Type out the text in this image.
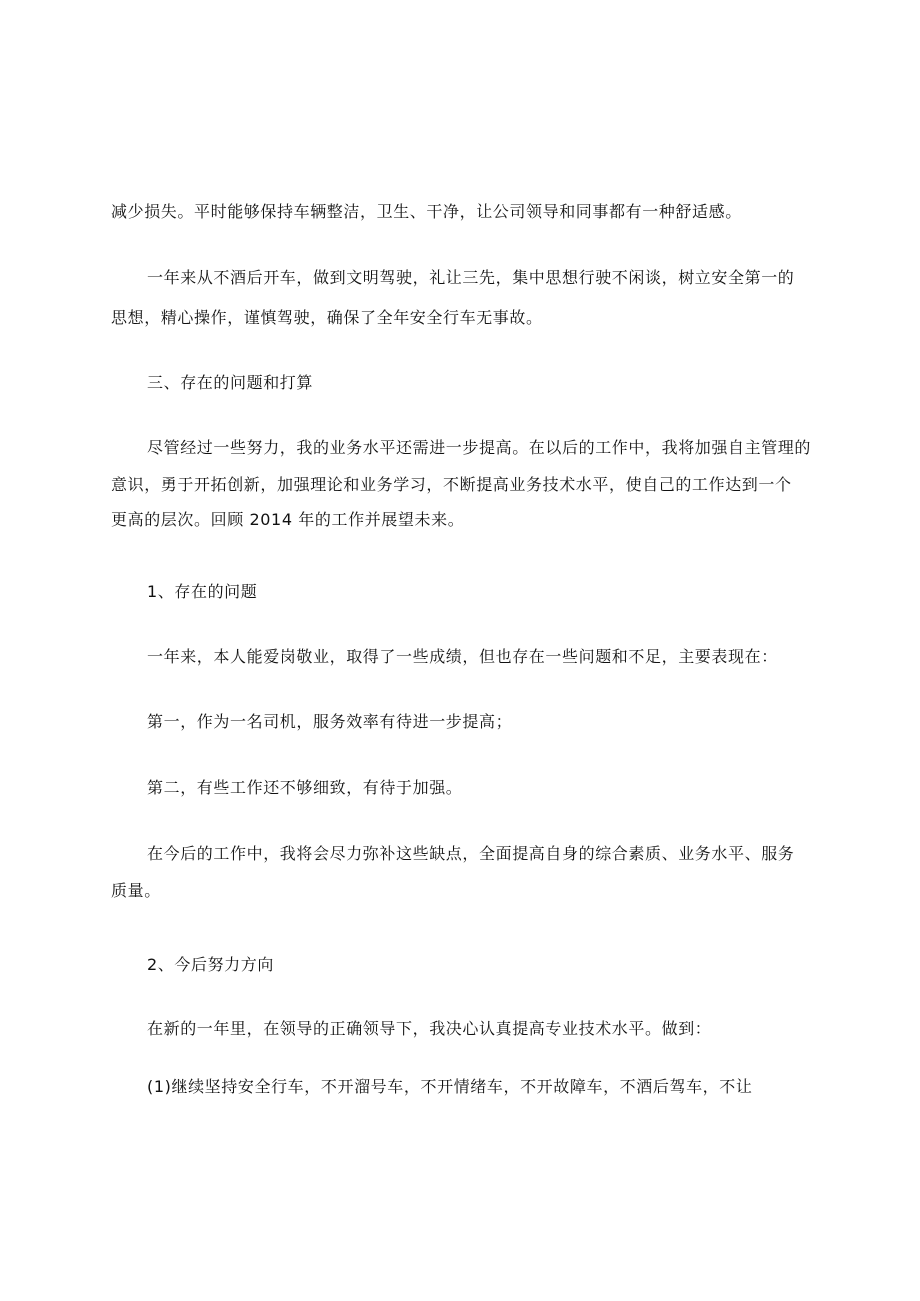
减少损失。平时能够保持车辆整洁，卫生、干净，让公司领导和同事都有一种舒适感。
一年来从不酒后开车，做到文明驾驶，礼让三先，集中思想行驶不闲谈，树立安全第一的
思想，精心操作，谨慎驾驶，确保了全年安全行车无事故。
三、存在的问题和打算
尽管经过一些努力，我的业务水平还需进一步提高。在以后的工作中，我将加强自主管理的
意识，勇于开拓创新，加强理论和业务学习，不断提高业务技术水平，使自己的工作达到一个
更高的层次。回顾 2014 年的工作并展望未来。
1、存在的问题
一年来，本人能爱岗敬业，取得了一些成绩，但也存在一些问题和不足，主要表现在：
第一，作为一名司机，服务效率有待进一步提高；
第二，有些工作还不够细致，有待于加强。
在今后的工作中，我将会尽力弥补这些缺点，全面提高自身的综合素质、业务水平、服务
质量。
2、今后努力方向
在新的一年里，在领导的正确领导下，我决心认真提高专业技术水平。做到：
(1)继续坚持安全行车，不开溜号车，不开情绪车，不开故障车，不酒后驾车，不让
